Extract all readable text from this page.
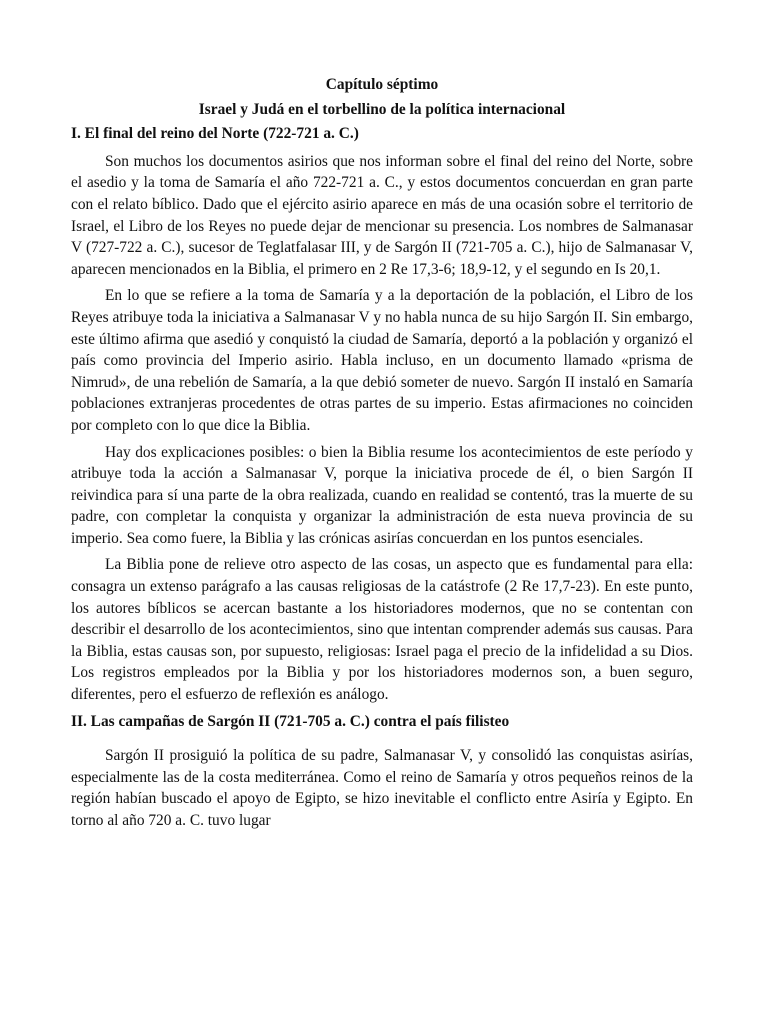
Capítulo séptimo

Israel y Judá en el torbellino de la política internacional

I. El final del reino del Norte (722-721 a. C.)

Son muchos los documentos asirios que nos informan sobre el final del reino del Norte, sobre el asedio y la toma de Samaría el año 722-721 a. C., y estos documentos concuerdan en gran parte con el relato bíblico. Dado que el ejército asirio aparece en más de una ocasión sobre el territorio de Israel, el Libro de los Reyes no puede dejar de mencionar su presencia. Los nombres de Salmanasar V (727-722 a. C.), sucesor de Teglatfalasar III, y de Sargón II (721-705 a. C.), hijo de Salmanasar V, aparecen mencionados en la Biblia, el primero en 2 Re 17,3-6; 18,9-12, y el segundo en Is 20,1.

En lo que se refiere a la toma de Samaría y a la deportación de la población, el Libro de los Reyes atribuye toda la iniciativa a Salmanasar V y no habla nunca de su hijo Sargón II. Sin embargo, este último afirma que asedió y conquistó la ciudad de Samaría, deportó a la población y organizó el país como provincia del Imperio asirio. Habla incluso, en un documento llamado «prisma de Nimrud», de una rebelión de Samaría, a la que debió someter de nuevo. Sargón II instaló en Samaría poblaciones extranjeras procedentes de otras partes de su imperio. Estas afirmaciones no coinciden por completo con lo que dice la Biblia.

Hay dos explicaciones posibles: o bien la Biblia resume los acontecimientos de este período y atribuye toda la acción a Salmanasar V, porque la iniciativa procede de él, o bien Sargón II reivindica para sí una parte de la obra realizada, cuando en realidad se contentó, tras la muerte de su padre, con completar la conquista y organizar la administración de esta nueva provincia de su imperio. Sea como fuere, la Biblia y las crónicas asirías concuerdan en los puntos esenciales.

La Biblia pone de relieve otro aspecto de las cosas, un aspecto que es fundamental para ella: consagra un extenso parágrafo a las causas religiosas de la catástrofe (2 Re 17,7-23). En este punto, los autores bíblicos se acercan bastante a los historiadores modernos, que no se contentan con describir el desarrollo de los acontecimientos, sino que intentan comprender además sus causas. Para la Biblia, estas causas son, por supuesto, religiosas: Israel paga el precio de la infidelidad a su Dios. Los registros empleados por la Biblia y por los historiadores modernos son, a buen seguro, diferentes, pero el esfuerzo de reflexión es análogo.

II. Las campañas de Sargón II (721-705 a. C.) contra el país filisteo

Sargón II prosiguió la política de su padre, Salmanasar V, y consolidó las conquistas asirías, especialmente las de la costa mediterránea. Como el reino de Samaría y otros pequeños reinos de la región habían buscado el apoyo de Egipto, se hizo inevitable el conflicto entre Asiría y Egipto. En torno al año 720 a. C. tuvo lugar
